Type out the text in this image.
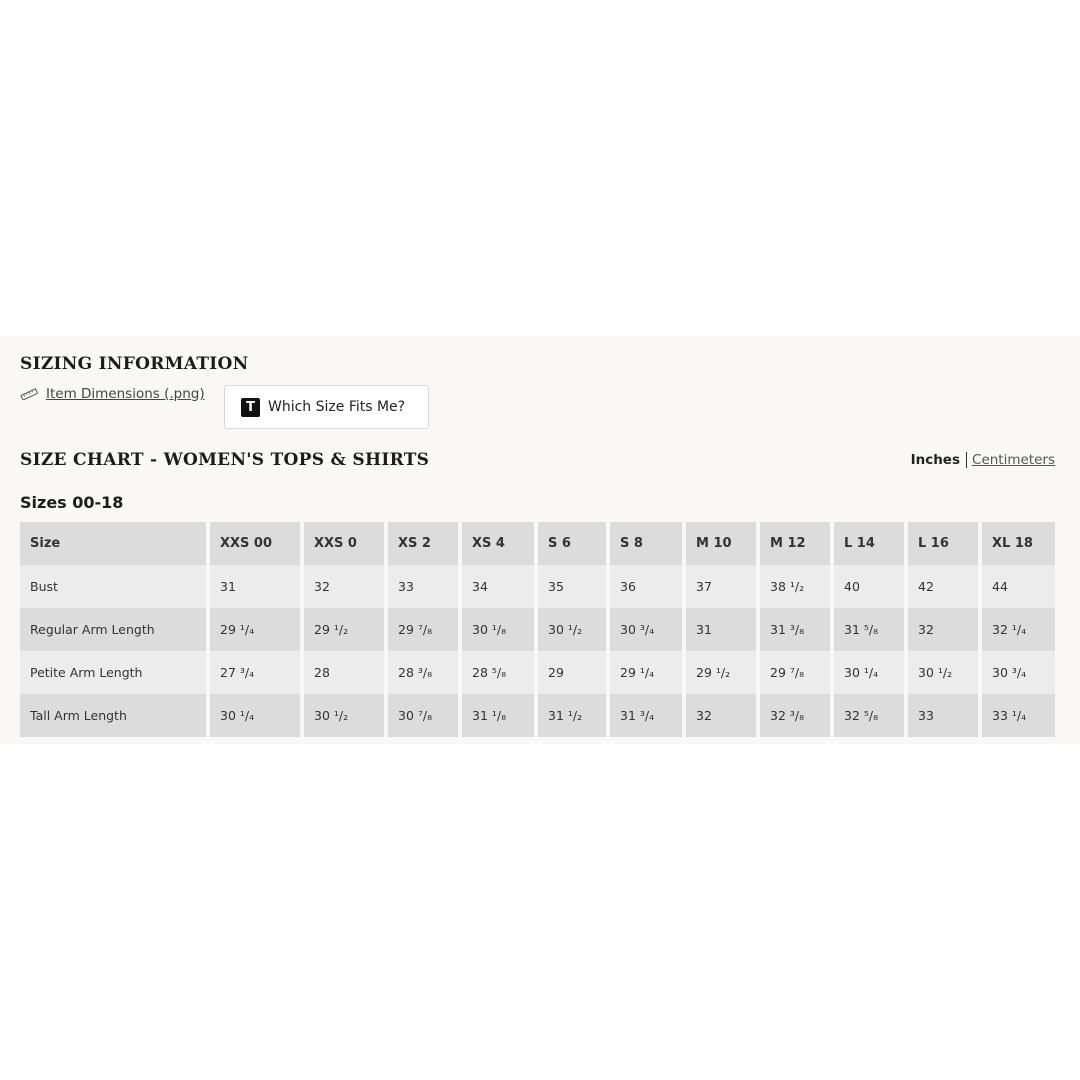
SIZING INFORMATION
Item Dimensions (.png)
T Which Size Fits Me?
SIZE CHART - WOMEN'S TOPS & SHIRTS	Inches Centimeters
Sizes 00-18
Size	XXS 00	XXS 0	XS 2	XS 4	S 6	S 8	M 10	M 12	L 14	L 16	XL 18
Bust	31	32	33	34	35	36	37	38 ¹/₂	40	42	44
Regular Arm Length	29 ¹/₄	29 ¹/₂	29 ⁷/₈	30 ¹/₈	30 ¹/₂	30 ³/₄	31	31 ³/₈	31 ⁵/₈	32	32 ¹/₄
Petite Arm Length	27 ³/₄	28	28 ³/₈	28 ⁵/₈	29	29 ¹/₄	29 ¹/₂	29 ⁷/₈	30 ¹/₄	30 ¹/₂	30 ³/₄
Tall Arm Length	30 ¹/₄	30 ¹/₂	30 ⁷/₈	31 ¹/₈	31 ¹/₂	31 ³/₄	32	32 ³/₈	32 ⁵/₈	33	33 ¹/₄
